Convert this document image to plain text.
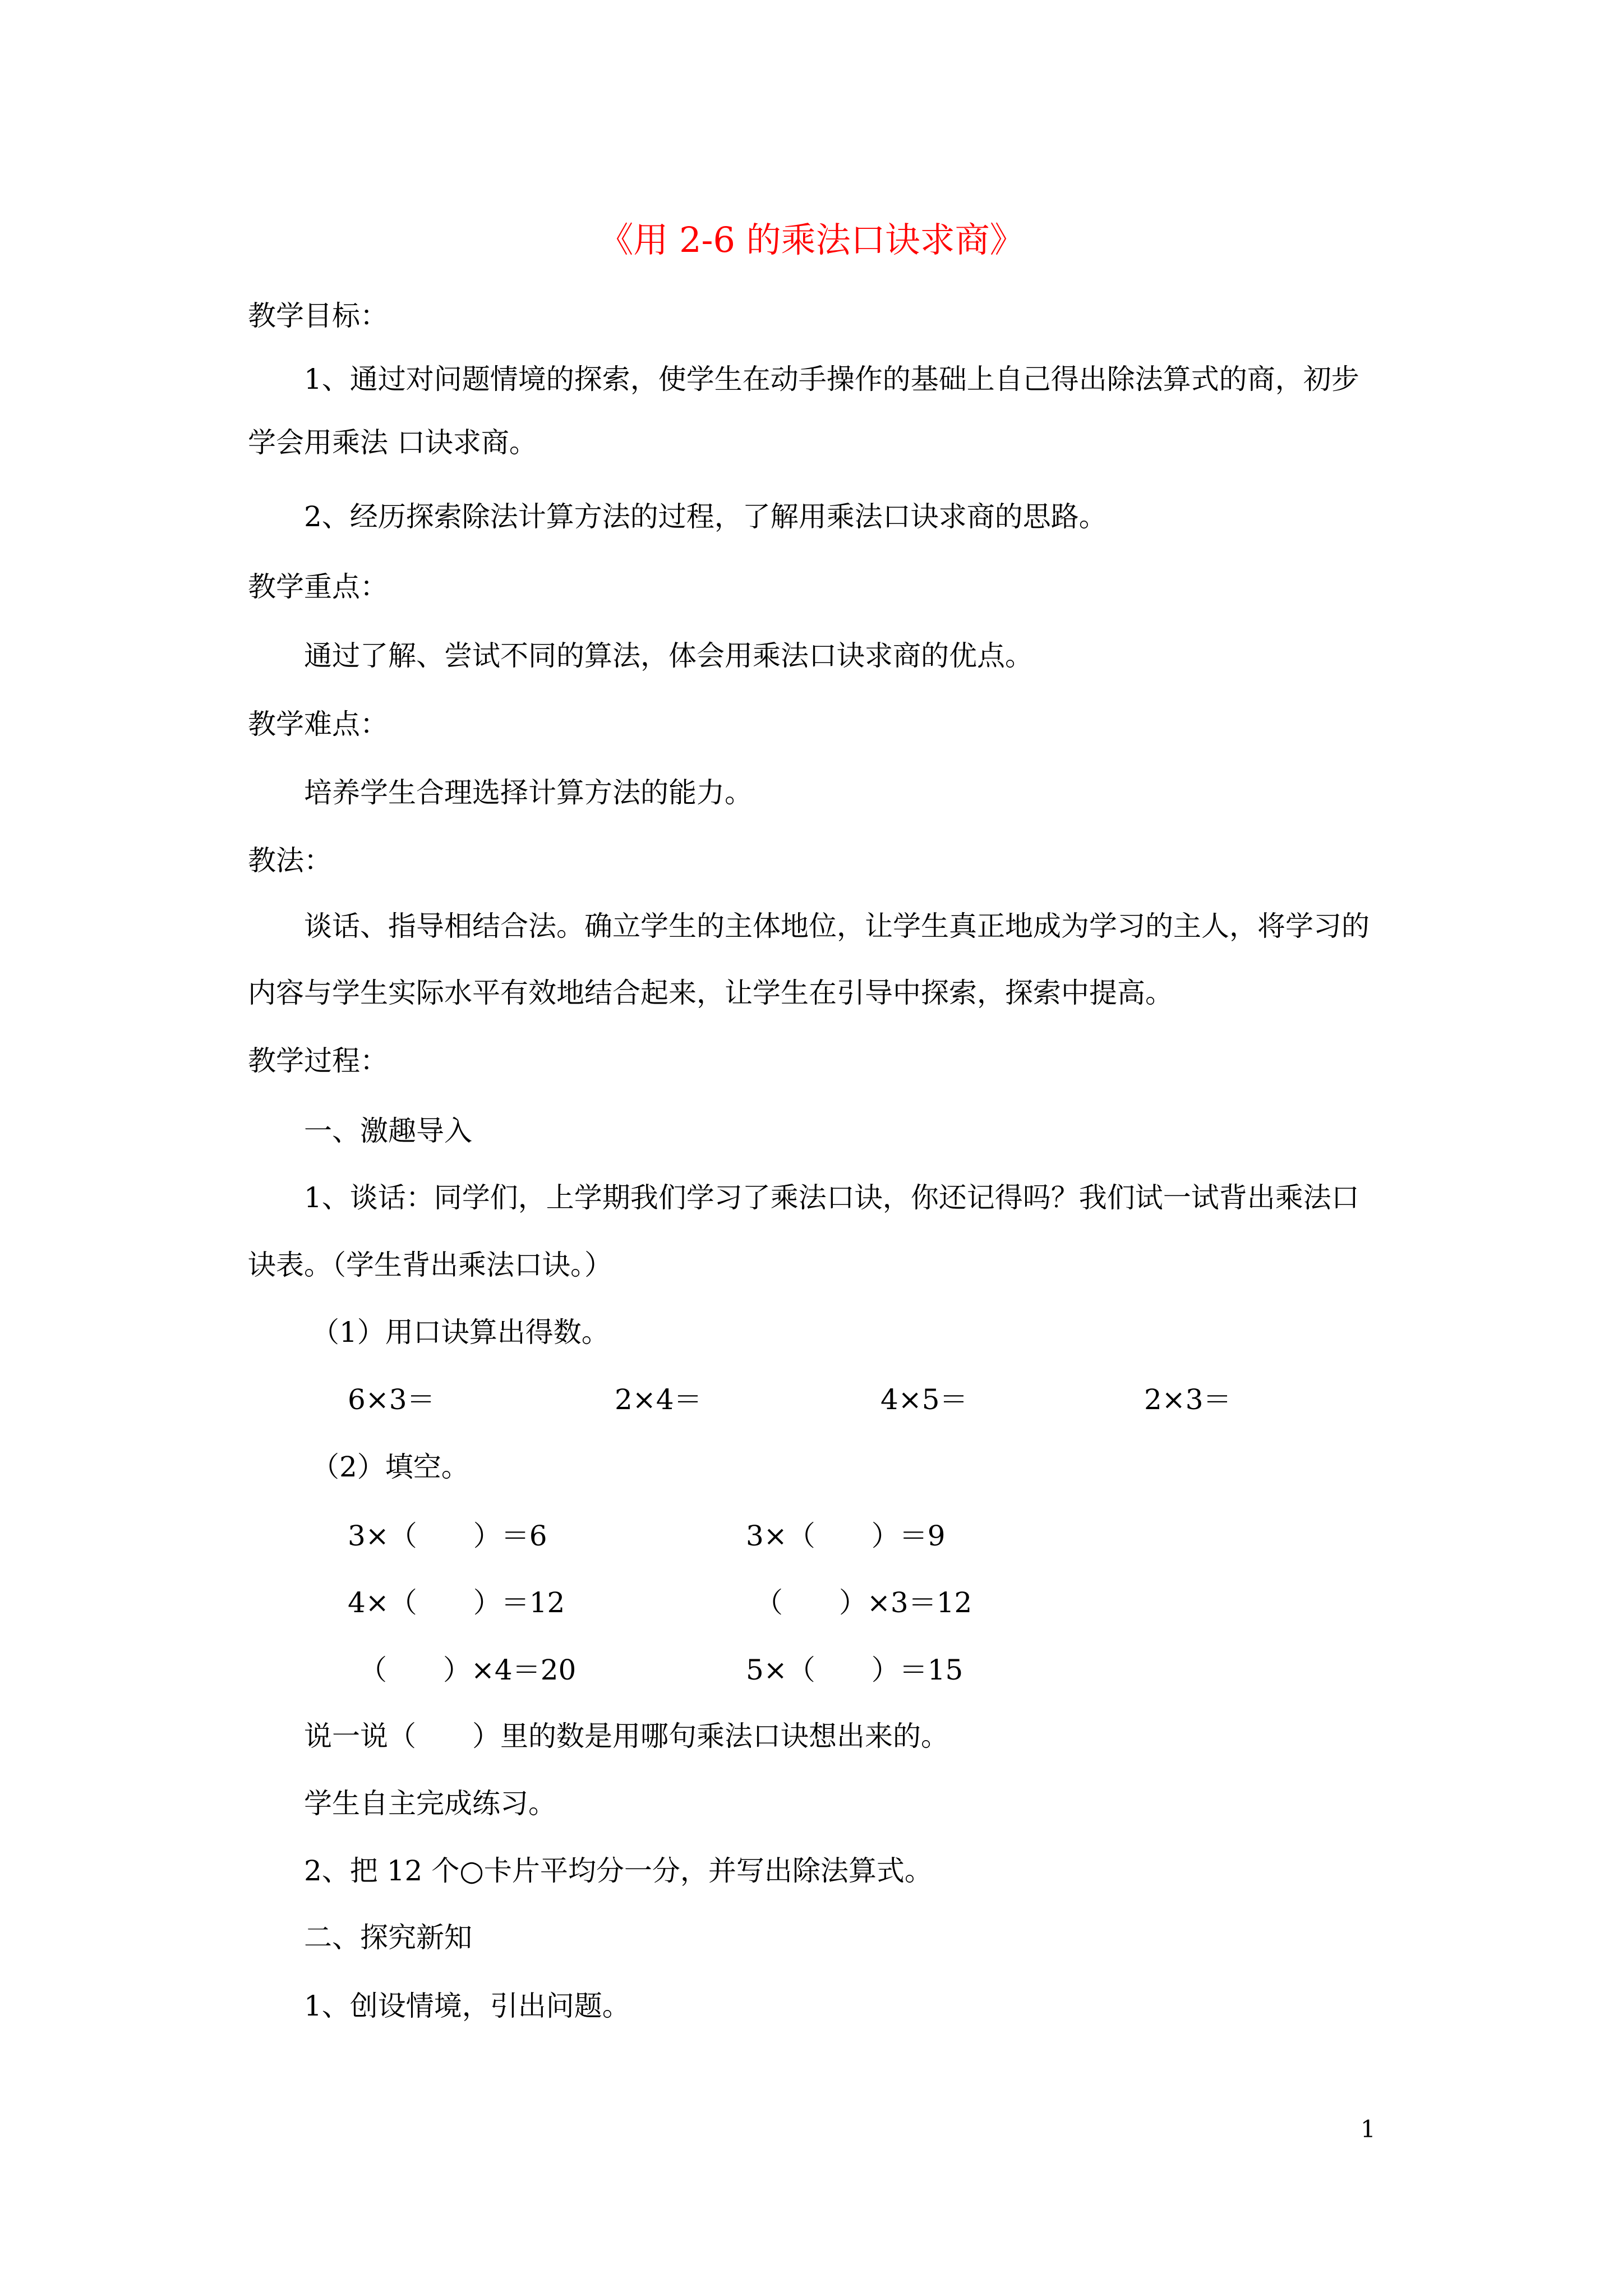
《用 2-6 的乘法口诀求商》
教学目标：
1、通过对问题情境的探索，使学生在动手操作的基础上自己得出除法算式的商，初步
学会用乘法 口诀求商。
2、经历探索除法计算方法的过程，了解用乘法口诀求商的思路。
教学重点：
通过了解、尝试不同的算法，体会用乘法口诀求商的优点。
教学难点：
培养学生合理选择计算方法的能力。
教法：
谈话、指导相结合法。确立学生的主体地位，让学生真正地成为学习的主人，将学习的
内容与学生实际水平有效地结合起来，让学生在引导中探索，探索中提高。
教学过程：
一、激趣导入
1、谈话：同学们，上学期我们学习了乘法口诀，你还记得吗？我们试一试背出乘法口
诀表。（学生背出乘法口诀。）
（1）用口诀算出得数。
6×3＝	2×4＝	4×5＝	2×3＝
（2）填空。
3×（　　）＝6	3×（　　）＝9
4×（　　）＝12	（　　）×3＝12
（　　）×4＝20	5×（　　）＝15
说一说（　　）里的数是用哪句乘法口诀想出来的。
学生自主完成练习。
2、把 12 个○卡片平均分一分，并写出除法算式。
二、探究新知
1、创设情境，引出问题。
1
